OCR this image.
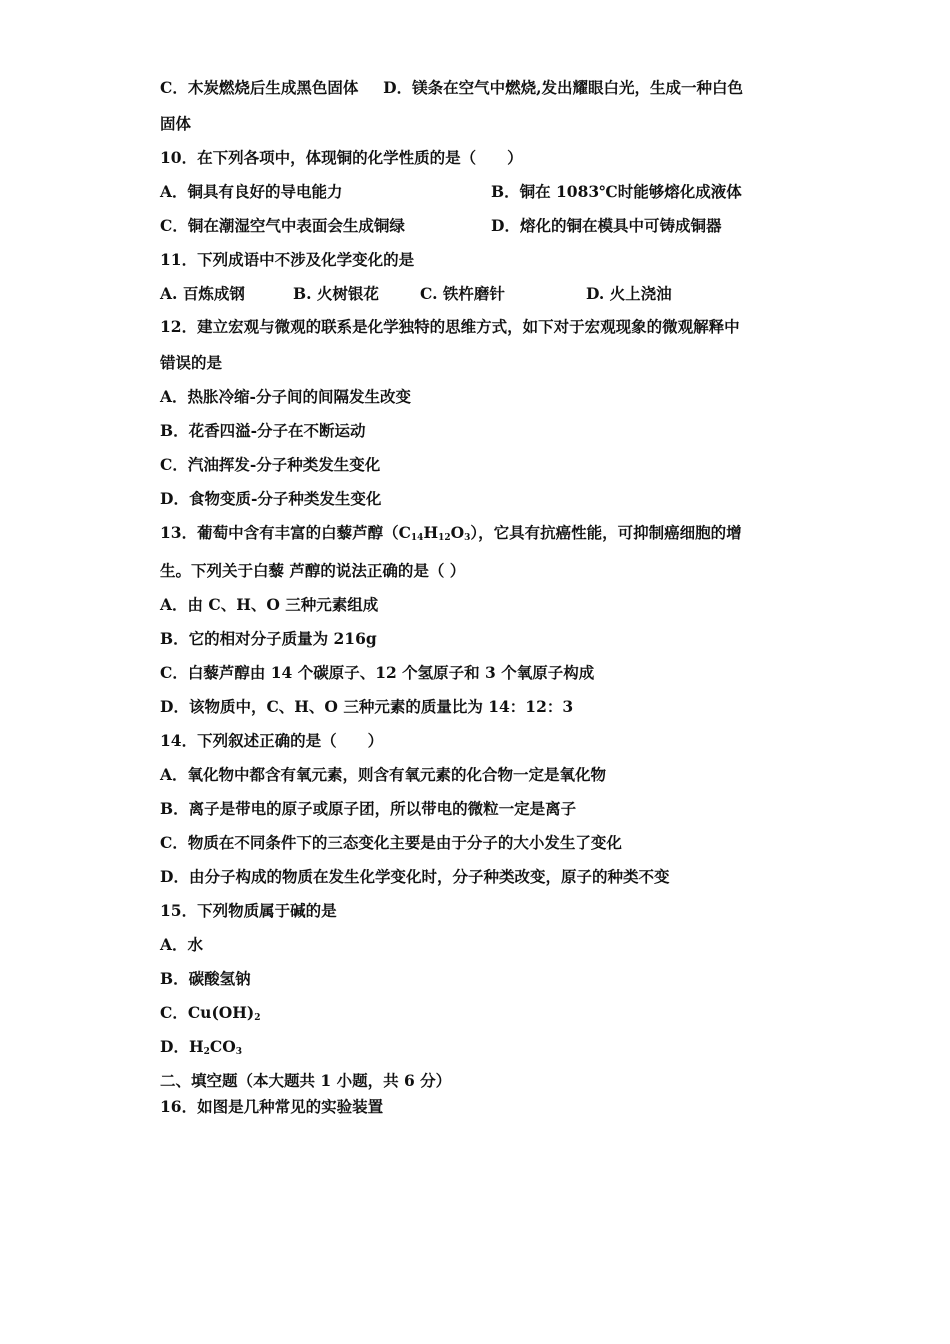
C．木炭燃烧后生成黑色固体 D．镁条在空气中燃烧,发出耀眼白光，生成一种白色
固体
10．在下列各项中，体现铜的化学性质的是（　　）
A．铜具有良好的导电能力	B．铜在 1083℃时能够熔化成液体
C．铜在潮湿空气中表面会生成铜绿	D．熔化的铜在模具中可铸成铜器
11．下列成语中不涉及化学变化的是
A. 百炼成钢	B. 火树银花	C. 铁杵磨针	D. 火上浇油
12．建立宏观与微观的联系是化学独特的思维方式，如下对于宏观现象的微观解释中
错误的是
A．热胀冷缩-分子间的间隔发生改变
B．花香四溢-分子在不断运动
C．汽油挥发-分子种类发生变化
D．食物变质-分子种类发生变化
13．葡萄中含有丰富的白藜芦醇$(C_{14}H_{12}O_3)$，它具有抗癌性能，可抑制癌细胞的增
生。下列关于白藜 芦醇的说法正确的是（ ）
A．由 C、H、O 三种元素组成
B．它的相对分子质量为 216g
C．白藜芦醇由 14 个碳原子、12 个氢原子和 3 个氧原子构成
D．该物质中，C、H、O 三种元素的质量比为 14：12：3
14．下列叙述正确的是（　　）
A．氧化物中都含有氧元素，则含有氧元素的化合物一定是氧化物
B．离子是带电的原子或原子团，所以带电的微粒一定是离子
C．物质在不同条件下的三态变化主要是由于分子的大小发生了变化
D．由分子构成的物质在发生化学变化时，分子种类改变，原子的种类不变
15．下列物质属于碱的是
A．水
B．碳酸氢钠
C．$Cu(OH)_2$
D．$H_2CO_3$
二、填空题（本大题共 1 小题，共 6 分）
16．如图是几种常见的实验装置
